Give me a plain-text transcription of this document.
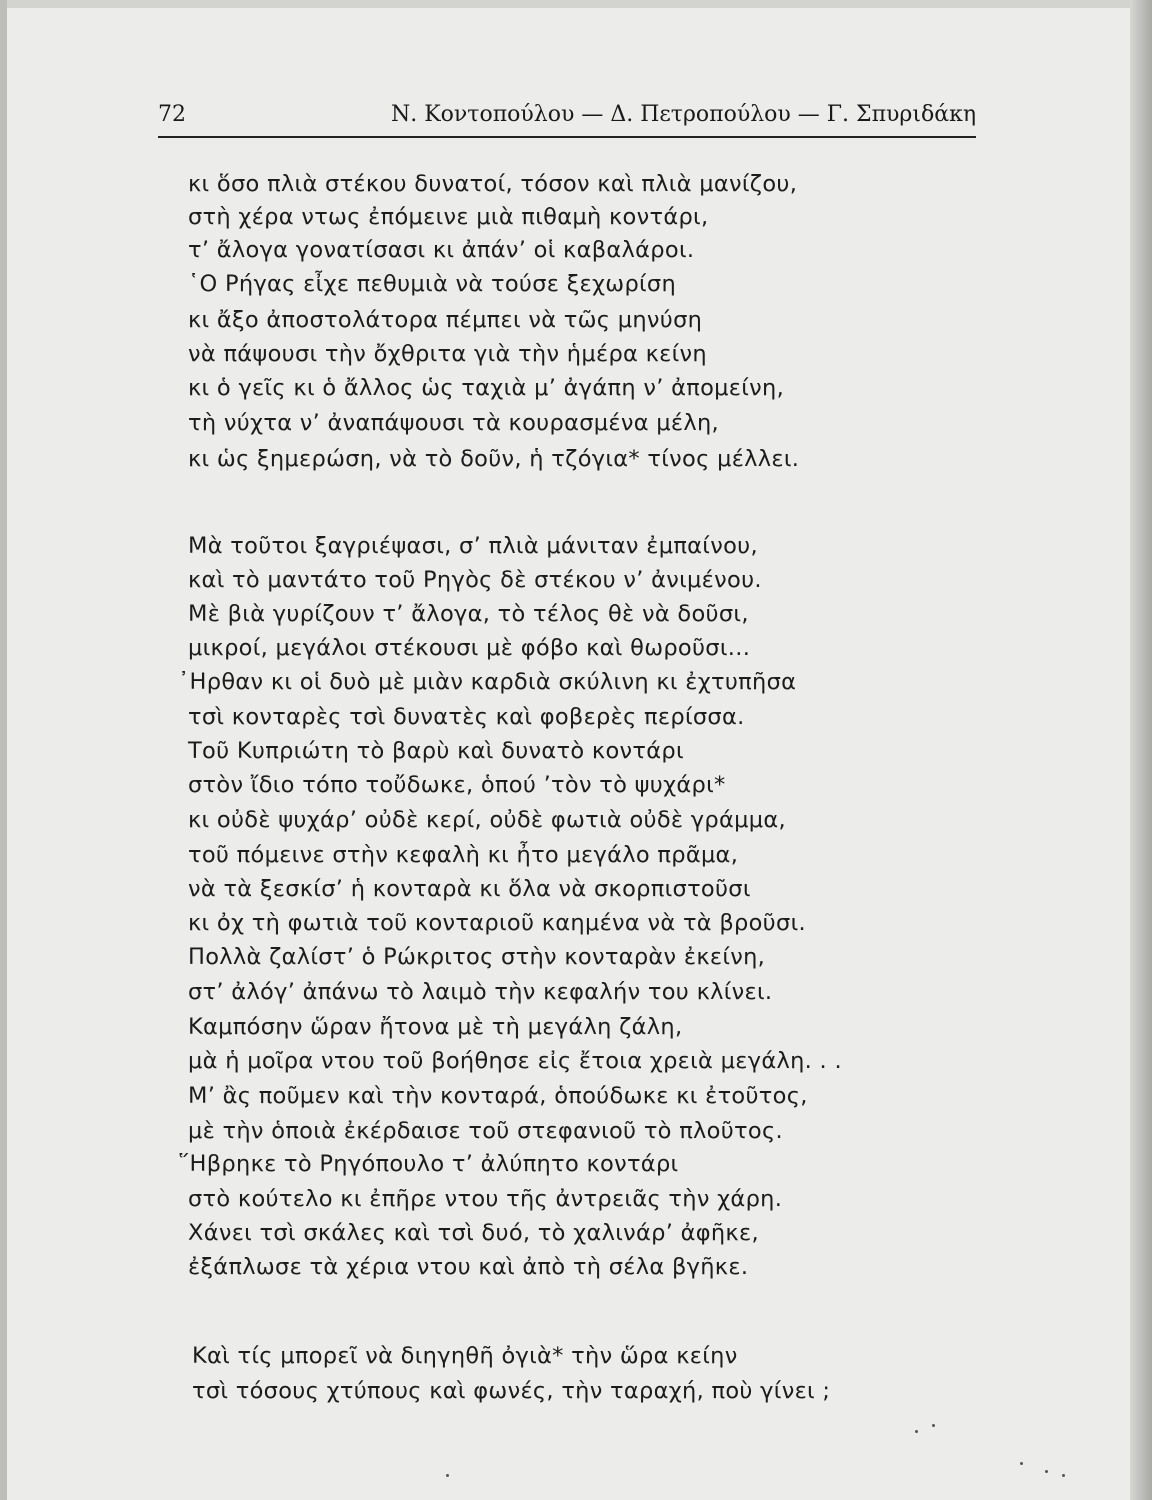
72	Ν. Κοντοπούλου — Δ. Πετροπούλου — Γ. Σπυριδάκη
κι ὅσο πλιὰ στέκου δυνατοί, τόσον καὶ πλιὰ μανίζου,
στὴ χέρα ντως ἐπόμεινε μιὰ πιθαμὴ κοντάρι,
τ’ ἄλογα γονατίσασι κι ἀπάν’ οἱ καβαλάροι.
῾Ο Ρήγας εἶχε πεθυμιὰ νὰ τούσε ξεχωρίση
κι ἄξο ἀποστολάτορα πέμπει νὰ τῶς μηνύση
νὰ πάψουσι τὴν ὄχθριτα γιὰ τὴν ἡμέρα κείνη
κι ὁ γεῖς κι ὁ ἄλλος ὡς ταχιὰ μ’ ἀγάπη ν’ ἀπομείνη,
τὴ νύχτα ν’ ἀναπάψουσι τὰ κουρασμένα μέλη,
κι ὡς ξημερώση, νὰ τὸ δοῦν, ἡ τζόγια* τίνος μέλλει.
Μὰ τοῦτοι ξαγριέψασι, σ’ πλιὰ μάνιταν ἐμπαίνου,
καὶ τὸ μαντάτο τοῦ Ρηγὸς δὲ στέκου ν’ ἀνιμένου.
Μὲ βιὰ γυρίζουν τ’ ἄλογα, τὸ τέλος θὲ νὰ δοῦσι,
μικροί, μεγάλοι στέκουσι μὲ φόβο καὶ θωροῦσι...
᾿Ηρθαν κι οἱ δυὸ μὲ μιὰν καρδιὰ σκύλινη κι ἐχτυπῆσα
τσὶ κονταρὲς τσὶ δυνατὲς καὶ φοβερὲς περίσσα.
Τοῦ Κυπριώτη τὸ βαρὺ καὶ δυνατὸ κοντάρι
στὸν ἴδιο τόπο τοὔδωκε, ὁπού ’τὸν τὸ ψυχάρι*
κι οὐδὲ ψυχάρ’ οὐδὲ κερί, οὐδὲ φωτιὰ οὐδὲ γράμμα,
τοῦ πόμεινε στὴν κεφαλὴ κι ἦτο μεγάλο πρᾶμα,
νὰ τὰ ξεσκίσ’ ἡ κονταρὰ κι ὅλα νὰ σκορπιστοῦσι
κι ὀχ τὴ φωτιὰ τοῦ κονταριοῦ καημένα νὰ τὰ βροῦσι.
Πολλὰ ζαλίστ’ ὁ Ρώκριτος στὴν κονταρὰν ἐκείνη,
στ’ ἀλόγ’ ἀπάνω τὸ λαιμὸ τὴν κεφαλήν του κλίνει.
Καμπόσην ὥραν ἤτονα μὲ τὴ μεγάλη ζάλη,
μὰ ἡ μοῖρα ντου τοῦ βοήθησε εἰς ἔτοια χρειὰ μεγάλη. . .
Μ’ ἂς ποῦμεν καὶ τὴν κονταρά, ὁπούδωκε κι ἐτοῦτος,
μὲ τὴν ὁποιὰ ἐκέρδαισε τοῦ στεφανιοῦ τὸ πλοῦτος.
῞Ηβρηκε τὸ Ρηγόπουλο τ’ ἀλύπητο κοντάρι
στὸ κούτελο κι ἐπῆρε ντου τῆς ἀντρειᾶς τὴν χάρη.
Χάνει τσὶ σκάλες καὶ τσὶ δυό, τὸ χαλινάρ’ ἀφῆκε,
ἐξάπλωσε τὰ χέρια ντου καὶ ἀπὸ τὴ σέλα βγῆκε.
Καὶ τίς μπορεῖ νὰ διηγηθῆ ὀγιὰ* τὴν ὥρα κείην
τσὶ τόσους χτύπους καὶ φωνές, τὴν ταραχή, ποὺ γίνει ;
